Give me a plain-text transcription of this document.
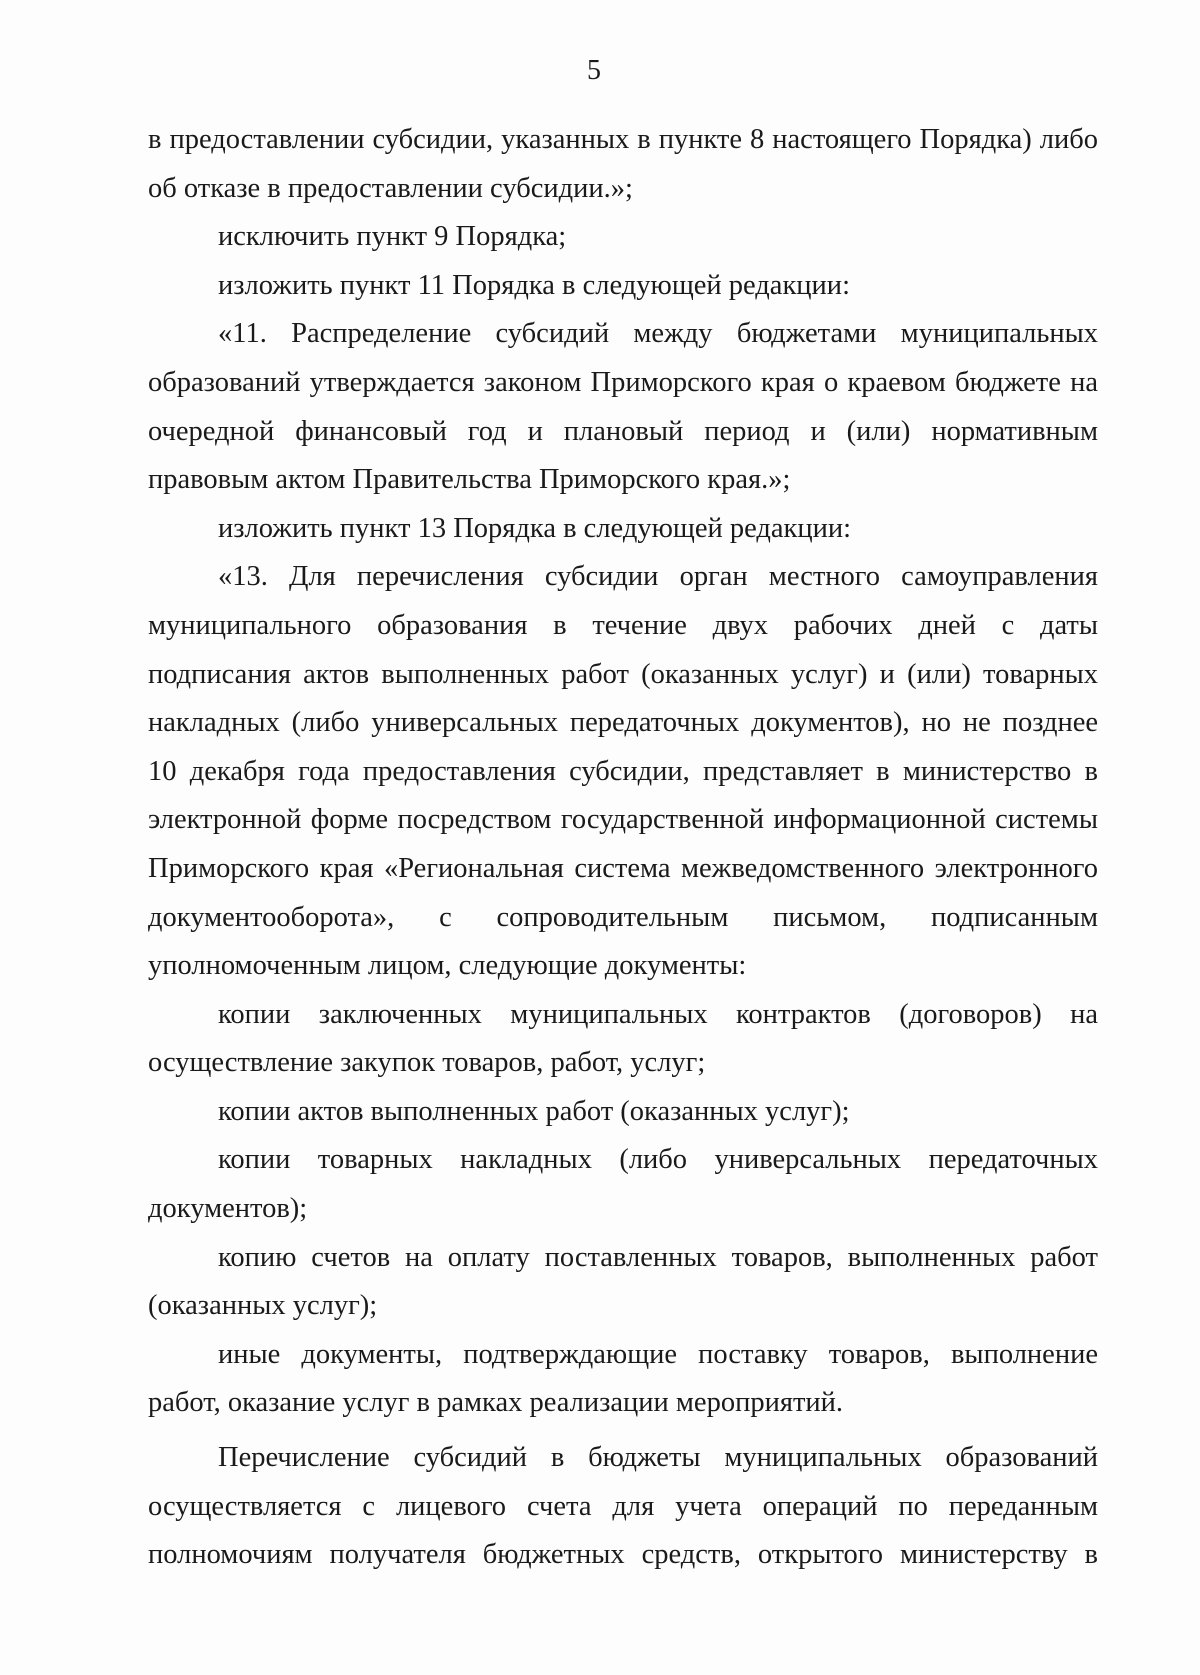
5

в предоставлении субсидии, указанных в пункте 8 настоящего Порядка) либо об отказе в предоставлении субсидии.»;

исключить пункт 9 Порядка;

изложить пункт 11 Порядка в следующей редакции:

«11. Распределение субсидий между бюджетами муниципальных образований утверждается законом Приморского края о краевом бюджете на очередной финансовый год и плановый период и (или) нормативным правовым актом Правительства Приморского края.»;

изложить пункт 13 Порядка в следующей редакции:

«13. Для перечисления субсидии орган местного самоуправления муниципального образования в течение двух рабочих дней с даты подписания актов выполненных работ (оказанных услуг) и (или) товарных накладных (либо универсальных передаточных документов), но не позднее 10 декабря года предоставления субсидии, представляет в министерство в электронной форме посредством государственной информационной системы Приморского края «Региональная система межведомственного электронного документооборота», с сопроводительным письмом, подписанным уполномоченным лицом, следующие документы:

копии заключенных муниципальных контрактов (договоров) на осуществление закупок товаров, работ, услуг;

копии актов выполненных работ (оказанных услуг);

копии товарных накладных (либо универсальных передаточных документов);

копию счетов на оплату поставленных товаров, выполненных работ (оказанных услуг);

иные документы, подтверждающие поставку товаров, выполнение работ, оказание услуг в рамках реализации мероприятий.

Перечисление субсидий в бюджеты муниципальных образований осуществляется с лицевого счета для учета операций по переданным полномочиям получателя бюджетных средств, открытого министерству в
